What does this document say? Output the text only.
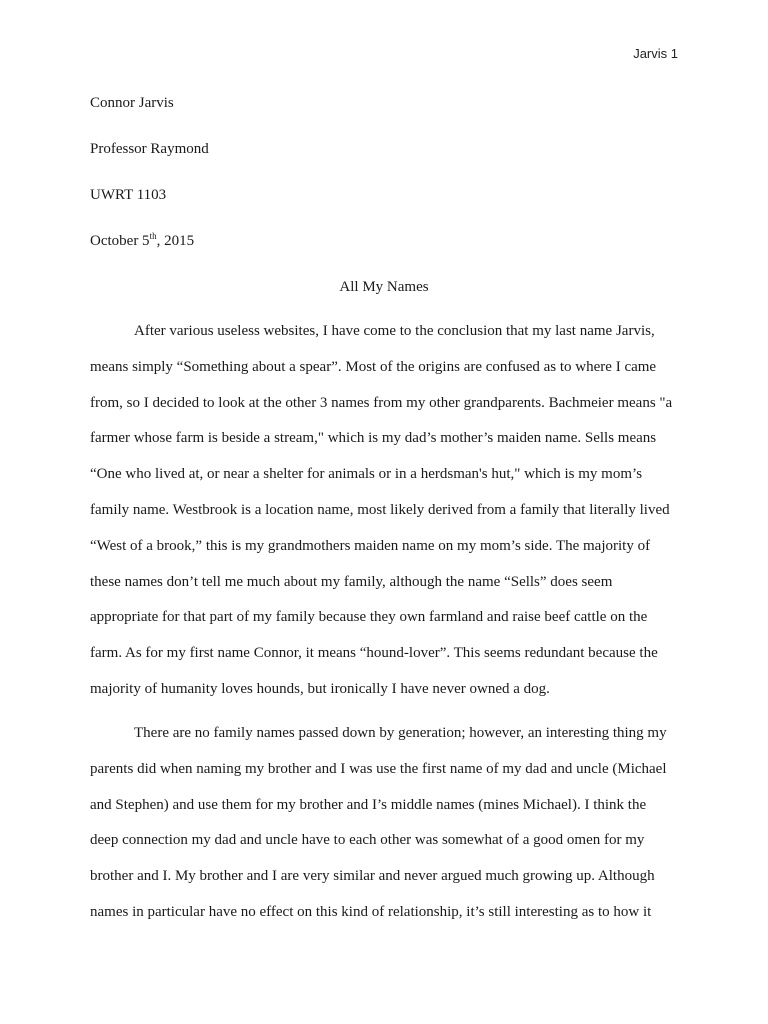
Jarvis 1
Connor Jarvis
Professor Raymond
UWRT 1103
October 5th, 2015
All My Names
After various useless websites, I have come to the conclusion that my last name Jarvis,
means simply “Something about a spear”. Most of the origins are confused as to where I came
from, so I decided to look at the other 3 names from my other grandparents. Bachmeier means "a
farmer whose farm is beside a stream," which is my dad’s mother’s maiden name. Sells means
“One who lived at, or near a shelter for animals or in a herdsman's hut," which is my mom’s
family name. Westbrook is a location name, most likely derived from a family that literally lived
“West of a brook,” this is my grandmothers maiden name on my mom’s side. The majority of
these names don’t tell me much about my family, although the name “Sells” does seem
appropriate for that part of my family because they own farmland and raise beef cattle on the
farm. As for my first name Connor, it means “hound-lover”. This seems redundant because the
majority of humanity loves hounds, but ironically I have never owned a dog.
There are no family names passed down by generation; however, an interesting thing my
parents did when naming my brother and I was use the first name of my dad and uncle (Michael
and Stephen) and use them for my brother and I’s middle names (mines Michael). I think the
deep connection my dad and uncle have to each other was somewhat of a good omen for my
brother and I. My brother and I are very similar and never argued much growing up. Although
names in particular have no effect on this kind of relationship, it’s still interesting as to how it
